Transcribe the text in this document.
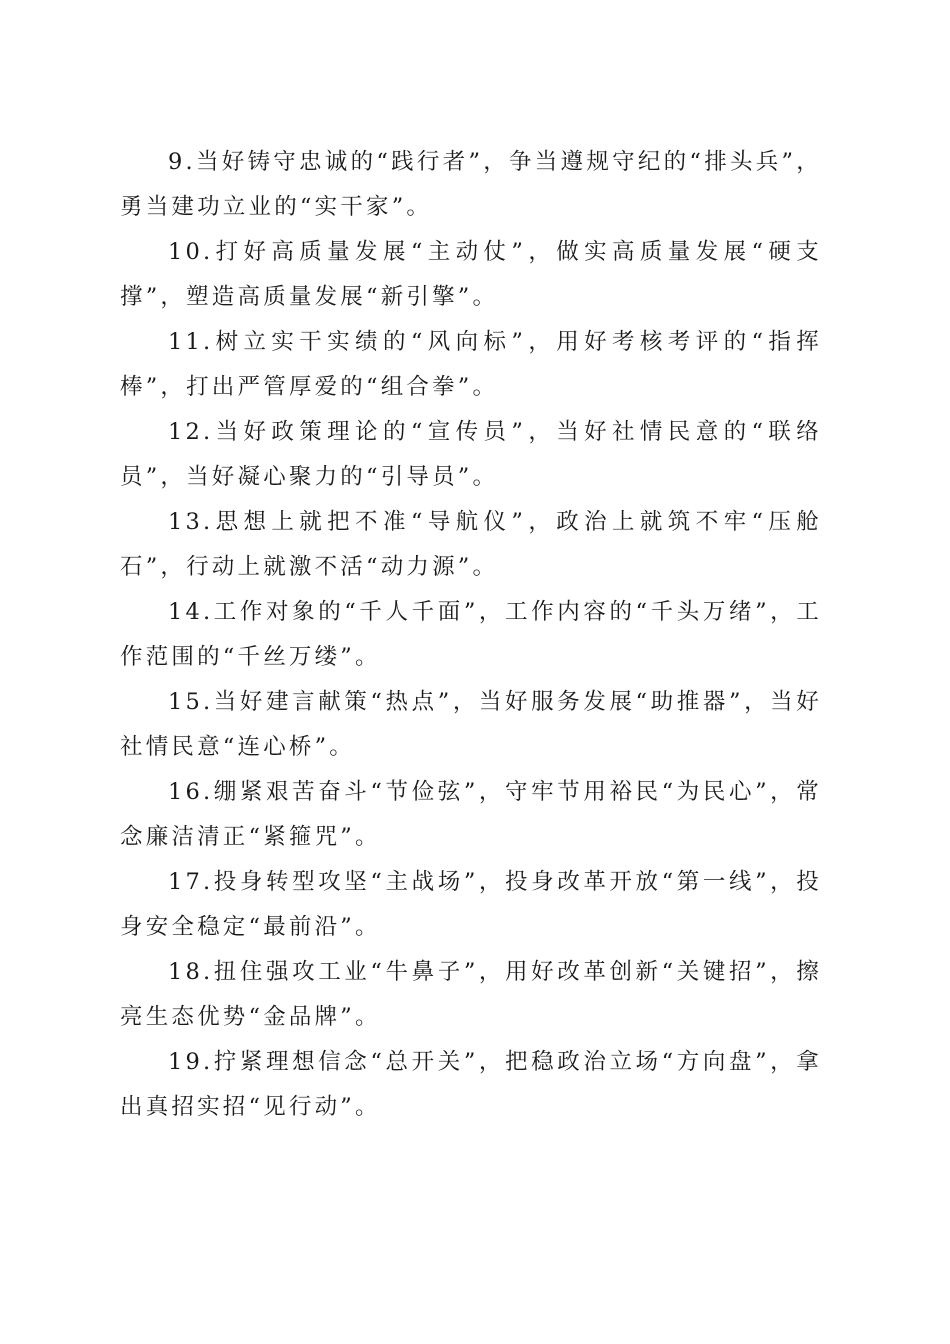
9.当好铸守忠诚的“践行者”，争当遵规守纪的“排头兵”，勇当建功立业的“实干家”。

10.打好高质量发展“主动仗”，做实高质量发展“硬支撑”，塑造高质量发展“新引擎”。

11.树立实干实绩的“风向标”，用好考核考评的“指挥棒”，打出严管厚爱的“组合拳”。

12.当好政策理论的“宣传员”，当好社情民意的“联络员”，当好凝心聚力的“引导员”。

13.思想上就把不准“导航仪”，政治上就筑不牢“压舱石”，行动上就激不活“动力源”。

14.工作对象的“千人千面”，工作内容的“千头万绪”，工作范围的“千丝万缕”。

15.当好建言献策“热点”，当好服务发展“助推器”，当好社情民意“连心桥”。

16.绷紧艰苦奋斗“节俭弦”，守牢节用裕民“为民心”，常念廉洁清正“紧箍咒”。

17.投身转型攻坚“主战场”，投身改革开放“第一线”，投身安全稳定“最前沿”。

18.扭住强攻工业“牛鼻子”，用好改革创新“关键招”，擦亮生态优势“金品牌”。

19.拧紧理想信念“总开关”，把稳政治立场“方向盘”，拿出真招实招“见行动”。
